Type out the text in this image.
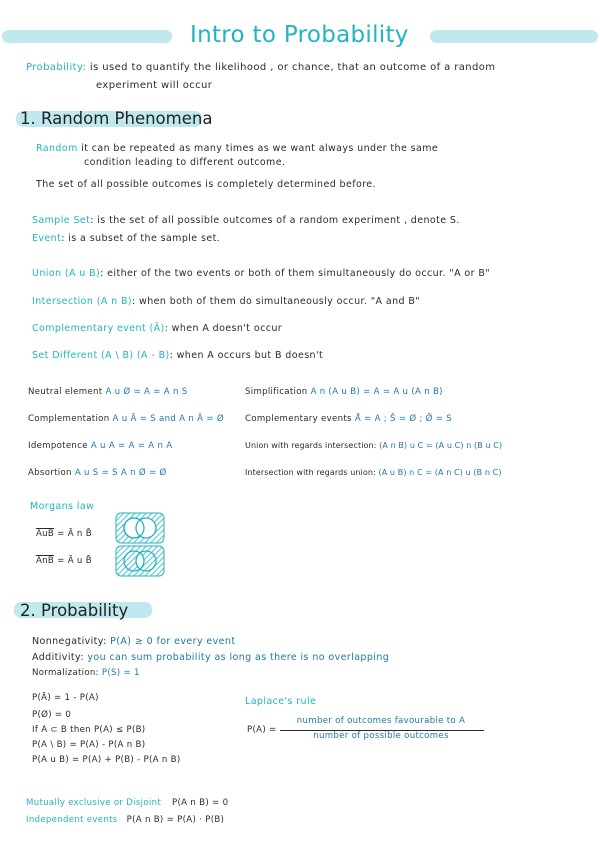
Intro to Probability
Probability: is used to quantify the likelihood , or chance, that an outcome of a random
experiment will occur
1. Random Phenomena
Random it can be repeated as many times as we want always under the same
condition leading to different outcome.
The set of all possible outcomes is completely determined before.
Sample Set: is the set of all possible outcomes of a random experiment , denote S.
Event: is a subset of the sample set.
Union (A u B): either of the two events or both of them simultaneously do occur. "A or B"
Intersection (A n B): when both of them do simultaneously occur. "A and B"
Complementary event (Ā): when A doesn't occur
Set Different (A \ B) (A - B): when A occurs but B doesn't
Neutral element A u Ø = A = A n S
Complementation A u Ā = S and A n Ā = Ø
Idempotence A u A = A = A n A
Absortion A u S = S A n Ø = Ø
Simplification A n (A u B) = A = A u (A n B)
Complementary events Ā̄ = A ; S̄ = Ø ; Ø̄ = S
Union with regards intersection: (A n B) u C = (A u C) n (B u C)
Intersection with regards union: (A u B) n C = (A n C) u (B n C)
Morgans law
$\overline{AuB}$ = Ā n B̄
$\overline{AnB}$ = Ā u B̄
2. Probability
Nonnegativity: P(A) ≥ 0 for every event
Additivity: you can sum probability as long as there is no overlapping
Normalization: P(S) = 1
P(Ā) = 1 - P(A)
P(Ø) = 0
If A ⊂ B then P(A) ≤ P(B)
P(A \ B) = P(A) - P(A n B)
P(A u B) = P(A) + P(B) - P(A n B)
Laplace's rule
P(A) =
number of outcomes favourable to A
number of possible outcomes
Mutually exclusive or Disjoint P(A n B) = 0
Independent events P(A n B) = P(A) · P(B)
